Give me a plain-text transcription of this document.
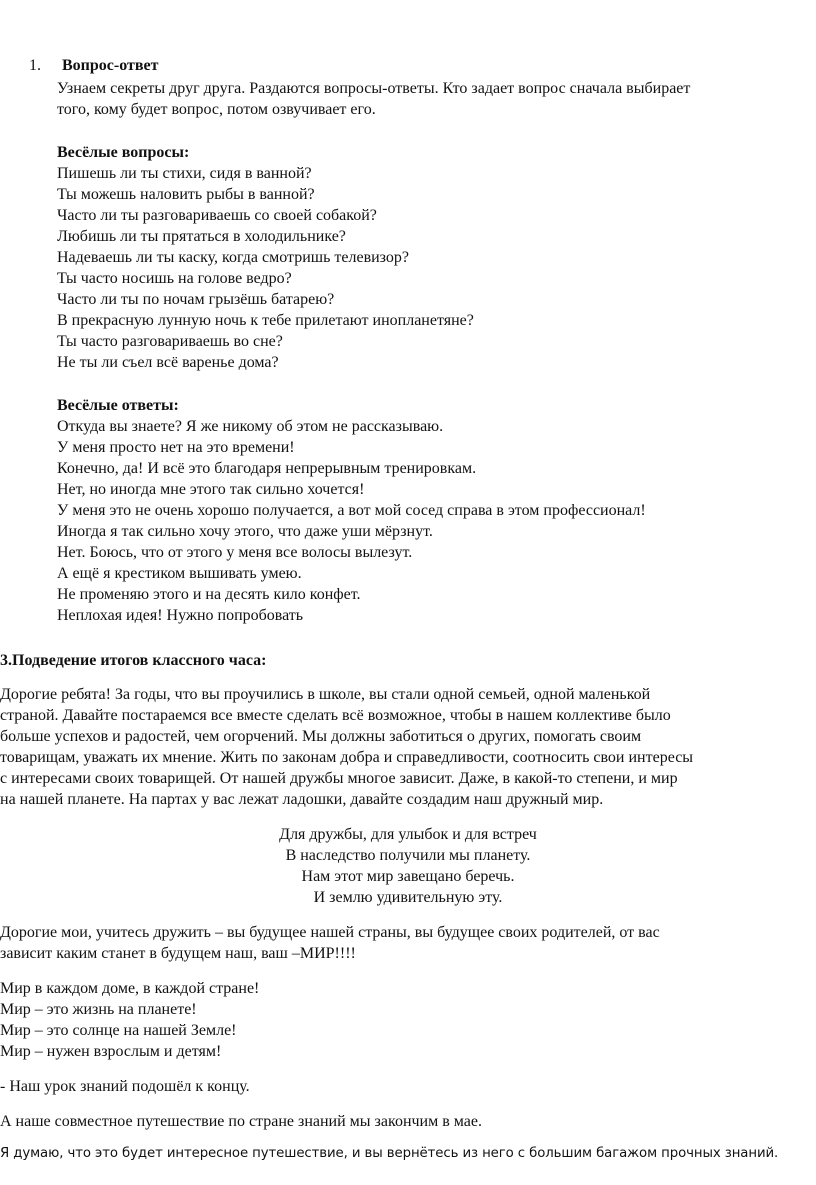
1. Вопрос-ответ
Узнаем секреты друг друга. Раздаются вопросы-ответы. Кто задает вопрос сначала выбирает
того, кому будет вопрос, потом озвучивает его.
Весёлые вопросы:
Пишешь ли ты стихи, сидя в ванной?
Ты можешь наловить рыбы в ванной?
Часто ли ты разговариваешь со своей собакой?
Любишь ли ты прятаться в холодильнике?
Надеваешь ли ты каску, когда смотришь телевизор?
Ты часто носишь на голове ведро?
Часто ли ты по ночам грызёшь батарею?
В прекрасную лунную ночь к тебе прилетают инопланетяне?
Ты часто разговариваешь во сне?
Не ты ли съел всё варенье дома?
Весёлые ответы:
Откуда вы знаете? Я же никому об этом не рассказываю.
У меня просто нет на это времени!
Конечно, да! И всё это благодаря непрерывным тренировкам.
Нет, но иногда мне этого так сильно хочется!
У меня это не очень хорошо получается, а вот мой сосед справа в этом профессионал!
Иногда я так сильно хочу этого, что даже уши мёрзнут.
Нет. Боюсь, что от этого у меня все волосы вылезут.
А ещё я крестиком вышивать умею.
Не променяю этого и на десять кило конфет.
Неплохая идея! Нужно попробовать
3.Подведение итогов классного часа:
Дорогие ребята! За годы, что вы проучились в школе, вы стали одной семьей, одной маленькой
страной. Давайте постараемся все вместе сделать всё возможное, чтобы в нашем коллективе было
больше успехов и радостей, чем огорчений. Мы должны заботиться о других, помогать своим
товарищам, уважать их мнение. Жить по законам добра и справедливости, соотносить свои интересы
с интересами своих товарищей. От нашей дружбы многое зависит. Даже, в какой-то степени, и мир
на нашей планете. На партах у вас лежат ладошки, давайте создадим наш дружный мир.
Для дружбы, для улыбок и для встреч
В наследство получили мы планету.
Нам этот мир завещано беречь.
И землю удивительную эту.
Дорогие мои, учитесь дружить – вы будущее нашей страны, вы будущее своих родителей, от вас
зависит каким станет в будущем наш, ваш –МИР!!!!
Мир в каждом доме, в каждой стране!
Мир – это жизнь на планете!
Мир – это солнце на нашей Земле!
Мир – нужен взрослым и детям!
- Наш урок знаний подошёл к концу.
А наше совместное путешествие по стране знаний мы закончим в мае.
Я думаю, что это будет интересное путешествие, и вы вернётесь из него с большим багажом прочных знаний.
